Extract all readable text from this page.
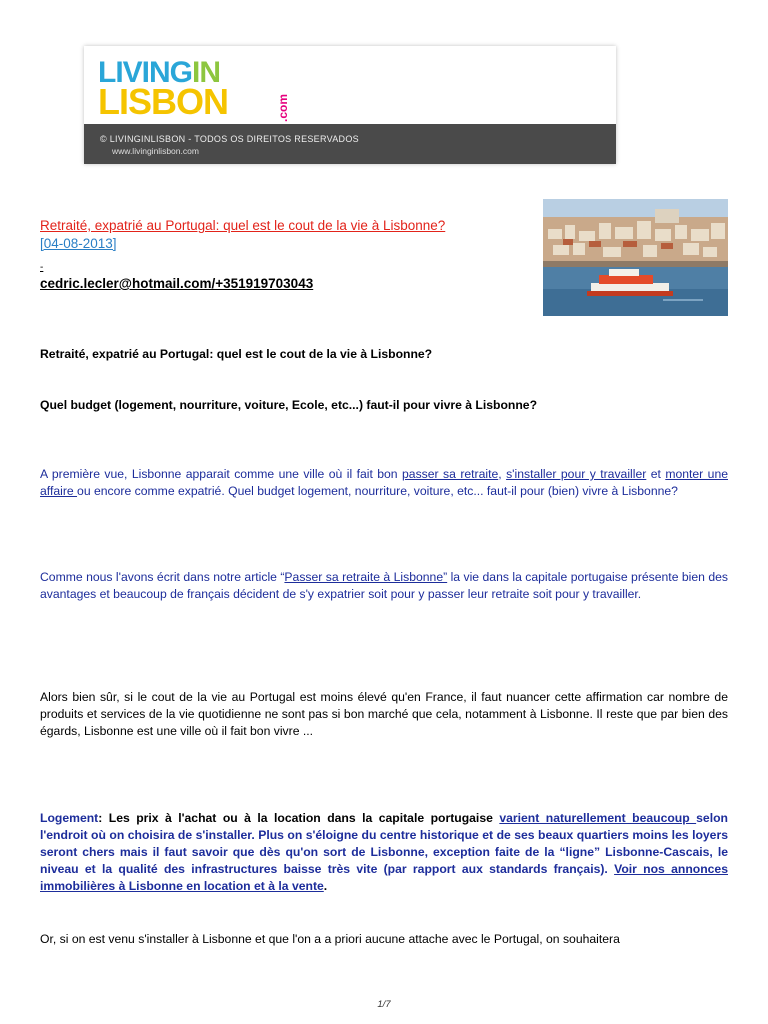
LIVINGIN
LISBON	.com
© LIVINGINLISBON - TODOS OS DIREITOS RESERVADOS
www.livinginlisbon.com
Retraité, expatrié au Portugal: quel est le cout de la vie à Lisbonne?
[04-08-2013]
-
cedric.lecler@hotmail.com/+351919703043
Retraité, expatrié au Portugal: quel est le cout de la vie à Lisbonne?
Quel budget (logement, nourriture, voiture, Ecole, etc...) faut-il pour vivre à Lisbonne?
A première vue, Lisbonne apparait comme une ville où il fait bon passer sa retraite, s'installer pour y travailler et monter une affaire ou encore comme expatrié. Quel budget logement, nourriture, voiture, etc... faut-il pour (bien) vivre à Lisbonne?
Comme nous l'avons écrit dans notre article “Passer sa retraite à Lisbonne” la vie dans la capitale portugaise présente bien des avantages et beaucoup de français décident de s'y expatrier soit pour y passer leur retraite soit pour y travailler.
Alors bien sûr, si le cout de la vie au Portugal est moins élevé qu'en France, il faut nuancer cette affirmation car nombre de produits et services de la vie quotidienne ne sont pas si bon marché que cela, notamment à Lisbonne. Il reste que par bien des égards, Lisbonne est une ville où il fait bon vivre ...
Logement: Les prix à l'achat ou à la location dans la capitale portugaise varient naturellement beaucoup selon l'endroit où on choisira de s'installer. Plus on s'éloigne du centre historique et de ses beaux quartiers moins les loyers seront chers mais il faut savoir que dès qu'on sort de Lisbonne, exception faite de la “ligne” Lisbonne-Cascais, le niveau et la qualité des infrastructures baisse très vite (par rapport aux standards français). Voir nos annonces immobilières à Lisbonne en location et à la vente.
Or, si on est venu s'installer à Lisbonne et que l'on a a priori aucune attache avec le Portugal, on souhaitera
1/7
